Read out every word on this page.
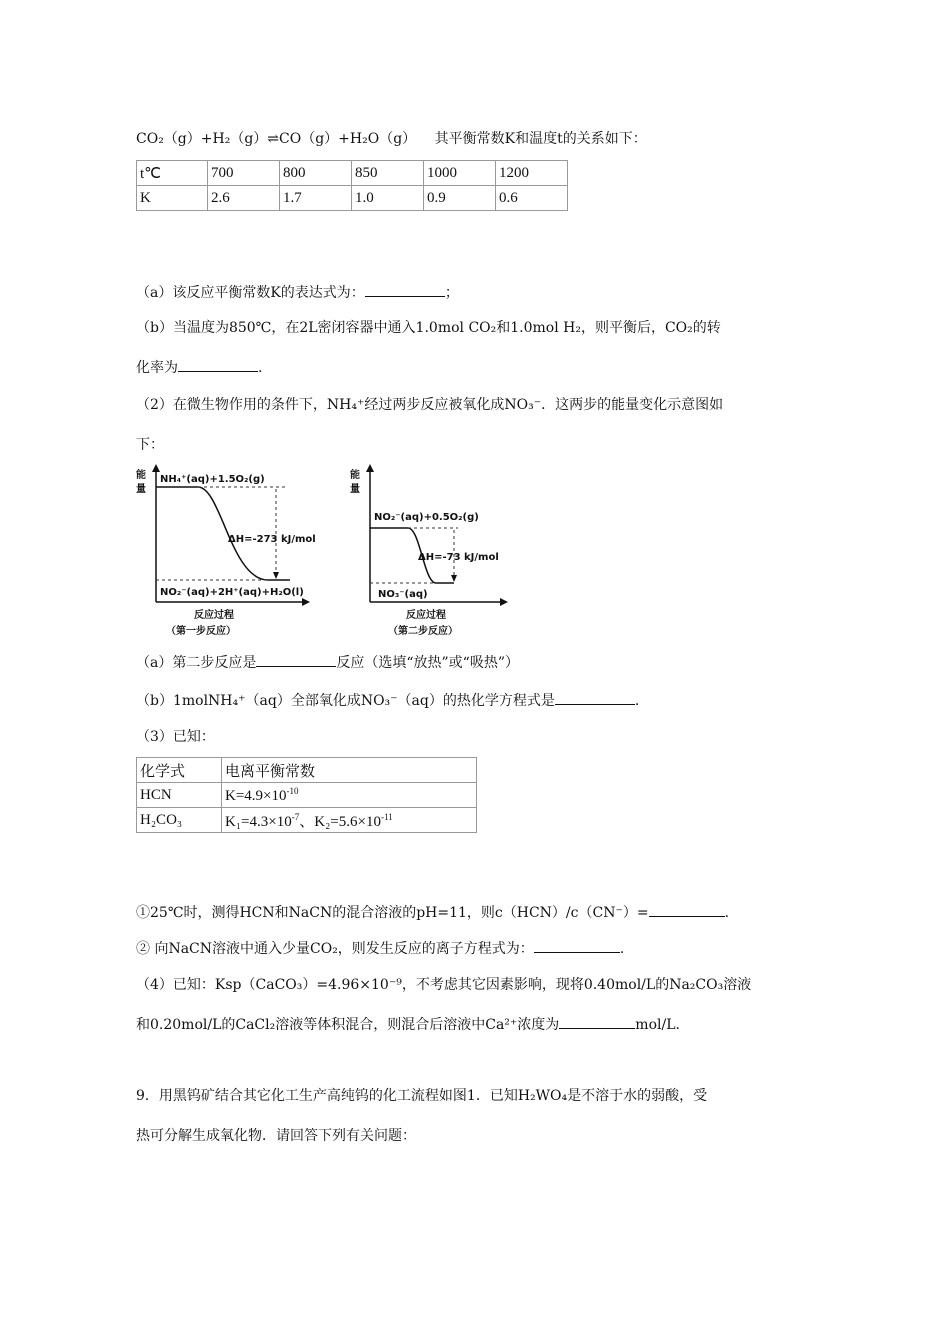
CO₂（g）+H₂（g）⇌CO（g）+H₂O（g） 其平衡常数K和温度t的关系如下：
t℃	700	800	850	1000	1200
K	2.6	1.7	1.0	0.9	0.6
（a）该反应平衡常数K的表达式为：	；
（b）当温度为850℃，在2L密闭容器中通入1.0mol CO₂和1.0mol H₂，则平衡后，CO₂的转
化率为	.
（2）在微生物作用的条件下，NH₄⁺经过两步反应被氧化成NO₃⁻．这两步的能量变化示意图如
下：
能
量
NH₄⁺(aq)+1.5O₂(g)
ΔH=-273 kJ/mol
NO₂⁻(aq)+2H⁺(aq)+H₂O(l)
反应过程
（第一步反应）
能
量
NO₂⁻(aq)+0.5O₂(g)
ΔH=-73 kJ/mol
NO₃⁻(aq)
反应过程
（第二步反应）
（a）第二步反应是	反应（选填“放热”或“吸热”）
（b）1molNH₄⁺（aq）全部氧化成NO₃⁻（aq）的热化学方程式是	.
（3）已知：
化学式	电离平衡常数
HCN	$K=4.9\times 10^{-10}$
H₂CO₃	$K_1=4.3\times 10^{-7}$、$K_2=5.6\times 10^{-11}$
①25℃时，测得HCN和NaCN的混合溶液的pH=11，则c（HCN）/c（CN⁻）=	.
② 向NaCN溶液中通入少量CO₂，则发生反应的离子方程式为：	.
（4）已知：Ksp（CaCO₃）=4.96×10⁻⁹，不考虑其它因素影响，现将0.40mol/L的Na₂CO₃溶液
和0.20mol/L的CaCl₂溶液等体积混合，则混合后溶液中Ca²⁺浓度为	mol/L.
9．用黑钨矿结合其它化工生产高纯钨的化工流程如图1．已知H₂WO₄是不溶于水的弱酸，受
热可分解生成氧化物．请回答下列有关问题：
